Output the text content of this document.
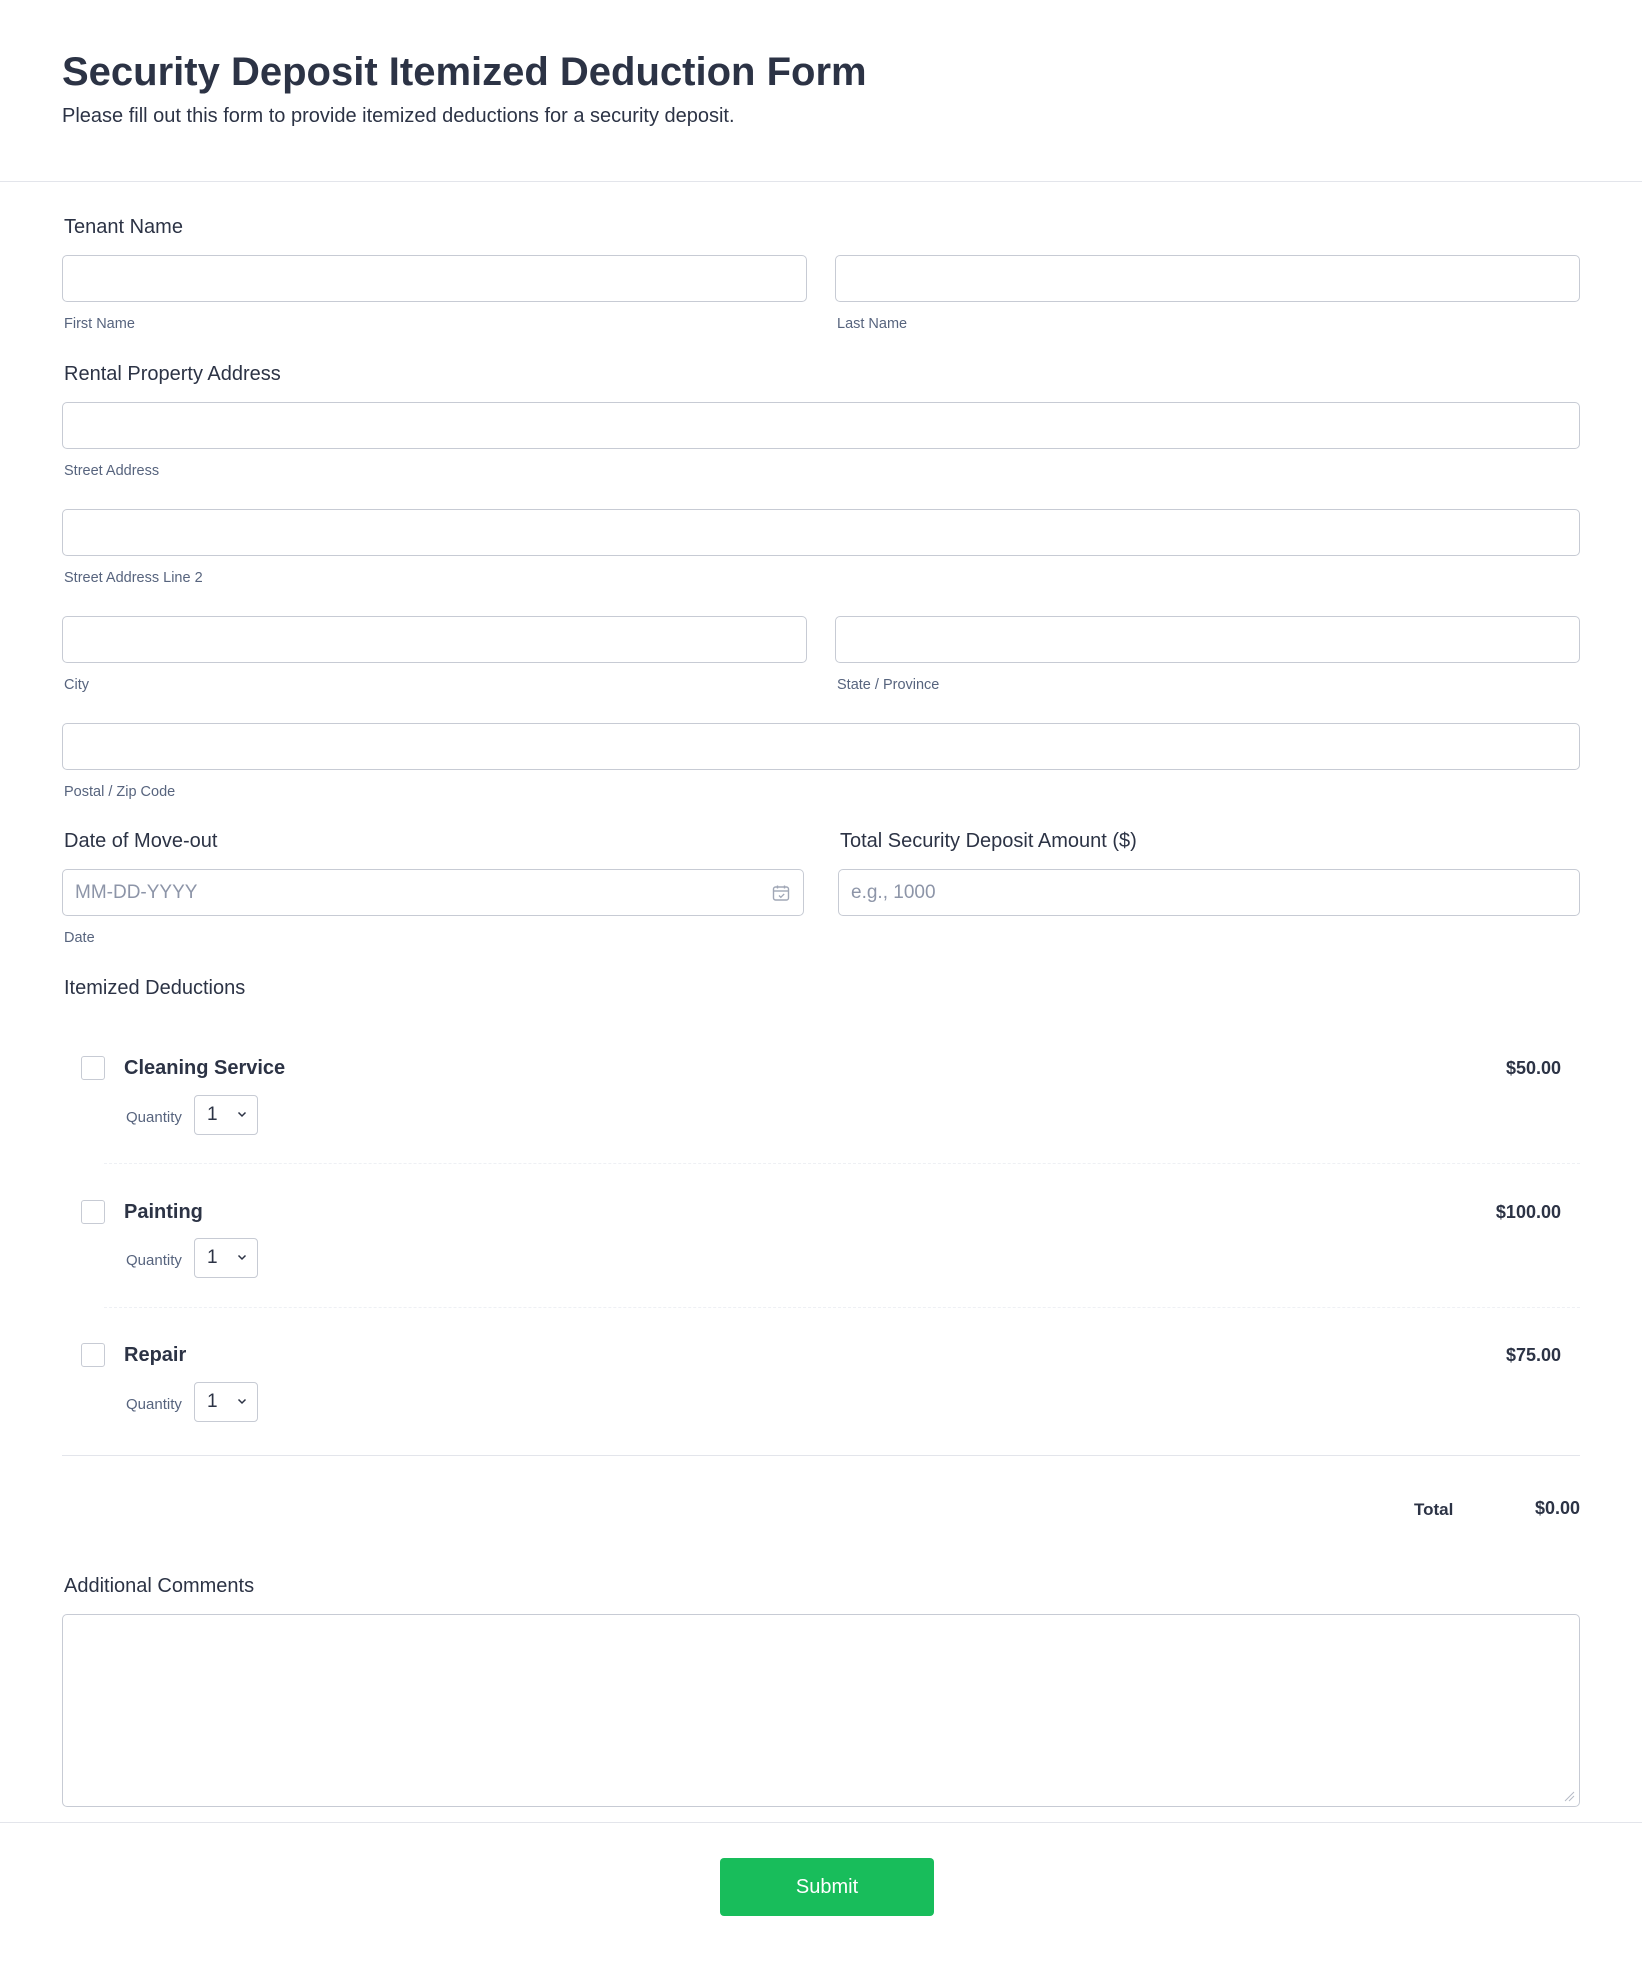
Security Deposit Itemized Deduction Form

Please fill out this form to provide itemized deductions for a security deposit.

Tenant Name
First Name	Last Name
Rental Property Address
Street Address
Street Address Line 2
City	State / Province
Postal / Zip Code
Date of Move-out
MM-DD-YYYY
Date
Total Security Deposit Amount ($)
e.g., 1000
Itemized Deductions
Cleaning Service	$50.00
Quantity 1
Painting	$100.00
Quantity 1
Repair	$75.00
Quantity 1
Total	$0.00
Additional Comments
Submit
